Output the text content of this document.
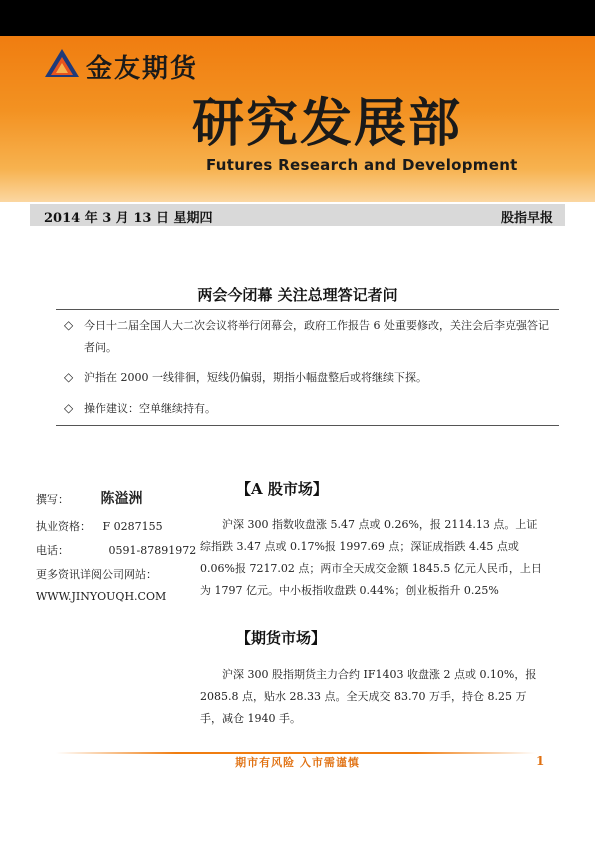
金友期货
研究发展部
Futures Research and Development
2014 年 3 月 13 日 星期四	股指早报
两会今闭幕 关注总理答记者问
◇ 今日十二届全国人大二次会议将举行闭幕会，政府工作报告 6 处重要修改，关注会后李克强答记者问。
◇ 沪指在 2000 一线徘徊，短线仍偏弱，期指小幅盘整后或将继续下探。
◇ 操作建议：空单继续持有。
撰写： 陈溢洲
执业资格： F 0287155
电话：	0591-87891972
更多资讯详阅公司网站：
WWW.JINYOUQH.COM
【A 股市场】
沪深 300 指数收盘涨 5.47 点或 0.26%，报 2114.13 点。上证综指跌 3.47 点或 0.17%报 1997.69 点；深证成指跌 4.45 点或 0.06%报 7217.02 点；两市全天成交金额 1845.5 亿元人民币，上日为 1797 亿元。中小板指收盘跌 0.44%；创业板指升 0.25%
【期货市场】
沪深 300 股指期货主力合约 IF1403 收盘涨 2 点或 0.10%，报 2085.8 点，贴水 28.33 点。全天成交 83.70 万手，持仓 8.25 万手，减仓 1940 手。
期市有风险 入市需谨慎	1
